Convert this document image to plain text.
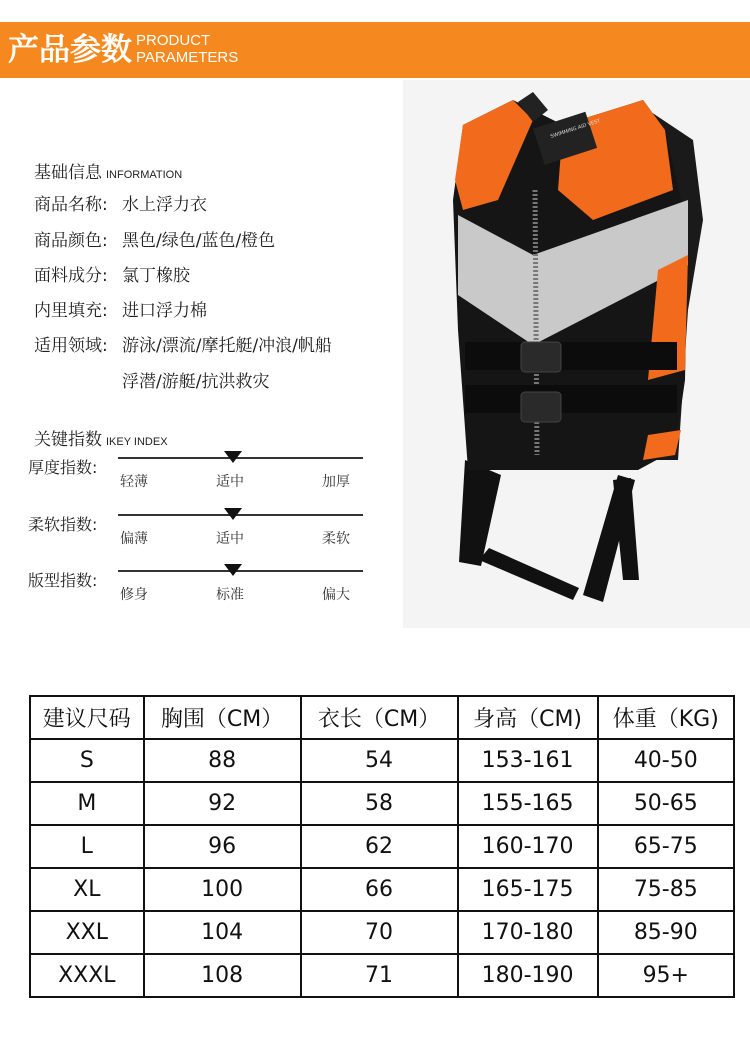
产品参数 PRODUCT
PARAMETERS
基础信息 INFORMATION
商品名称: 水上浮力衣
商品颜色: 黑色/绿色/蓝色/橙色
面料成分: 氯丁橡胶
内里填充: 进口浮力棉
适用领域: 游泳/漂流/摩托艇/冲浪/帆船
浮潜/游艇/抗洪救灾
关键指数 IKEY INDEX
厚度指数:
轻薄	适中	加厚
柔软指数:
偏薄	适中	柔软
版型指数:
修身	标准	偏大
SWIMMING AID VEST
建议尺码	胸围（CM）	衣长（CM）	身高（CM)	体重（KG)
S	88	54	153-161	40-50
M	92	58	155-165	50-65
L	96	62	160-170	65-75
XL	100	66	165-175	75-85
XXL	104	70	170-180	85-90
XXXL	108	71	180-190	95+
